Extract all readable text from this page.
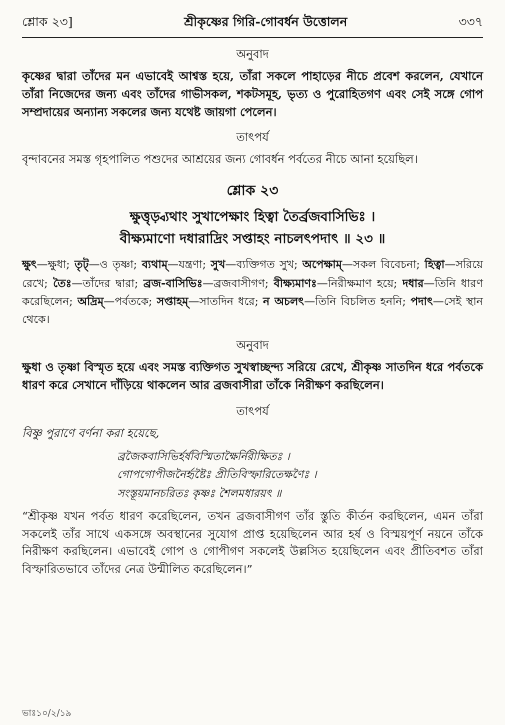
শ্লোক ২৩]	শ্রীকৃষ্ণের গিরি-গোবর্ধন উত্তোলন	৩৩৭
অনুবাদ

কৃষ্ণের দ্বারা তাঁদের মন এভাবেই আশ্বস্ত হয়ে, তাঁরা সকলে পাহাড়ের নীচে প্রবেশ করলেন, যেখানে তাঁরা নিজেদের জন্য এবং তাঁদের গাভীসকল, শকটসমূহ, ভৃত্য ও পুরোহিতগণ এবং সেই সঙ্গে গোপ সম্প্রদায়ের অন্যান্য সকলের জন্য যথেষ্ট জায়গা পেলেন।

তাৎপর্য

বৃন্দাবনের সমস্ত গৃহপালিত পশুদের আশ্রয়ের জন্য গোবর্ধন পর্বতের নীচে আনা হয়েছিল।

শ্লোক ২৩
ক্ষুত্তৃড়্ব্যথাং সুখাপেক্ষাং হিত্বা তৈর্ব্রজবাসিভিঃ ।
বীক্ষ্যমাণো দধারাদ্রিং সপ্তাহং নাচলৎপদাৎ ॥ ২৩ ॥
ক্ষুৎ—ক্ষুধা; তৃট্—ও তৃষ্ণা; ব্যথাম্—যন্ত্রণা; সুখ—ব্যক্তিগত সুখ; অপেক্ষাম্—সকল বিবেচনা; হিত্বা—সরিয়ে রেখে; তৈঃ—তাঁদের দ্বারা; ব্রজ-বাসিভিঃ—ব্রজবাসীগণ; বীক্ষ্যমাণঃ—নিরীক্ষমাণ হয়ে; দধার—তিনি ধারণ করেছিলেন; অদ্রিম্—পর্বতকে; সপ্তাহম্—সাতদিন ধরে; ন অচলৎ—তিনি বিচলিত হননি; পদাৎ—সেই স্থান থেকে।
অনুবাদ

ক্ষুধা ও তৃষ্ণা বিস্মৃত হয়ে এবং সমস্ত ব্যক্তিগত সুখস্বাচ্ছন্দ্য সরিয়ে রেখে, শ্রীকৃষ্ণ সাতদিন ধরে পর্বতকে ধারণ করে সেখানে দাঁড়িয়ে থাকলেন আর ব্রজবাসীরা তাঁকে নিরীক্ষণ করছিলেন।

তাৎপর্য
বিষ্ণু পুরাণে বর্ণনা করা হয়েছে,
ব্রজৈকবাসিভির্হর্ষবিস্মিতাক্ষৈর্নিরীক্ষিতঃ ।
গোপগোপীজনৈর্হৃষ্টৈঃ প্রীতিবিস্ফারিতেক্ষণৈঃ ।
সংস্তূয়মানচরিতঃ কৃষ্ণঃ শৈলমধারয়ৎ ॥

“শ্রীকৃষ্ণ যখন পর্বত ধারণ করেছিলেন, তখন ব্রজবাসীগণ তাঁর স্তুতি কীর্তন করছিলেন, এমন তাঁরা সকলেই তাঁর সাথে একসঙ্গে অবস্থানের সুযোগ প্রাপ্ত হয়েছিলেন আর হর্ষ ও বিস্ময়পূর্ণ নয়নে তাঁকে নিরীক্ষণ করছিলেন। এভাবেই গোপ ও গোপীগণ সকলেই উল্লসিত হয়েছিলেন এবং প্রীতিবশত তাঁরা বিস্ফারিতভাবে তাঁদের নেত্র উন্মীলিত করেছিলেন।”

ভাঃ১০/২/১৯
